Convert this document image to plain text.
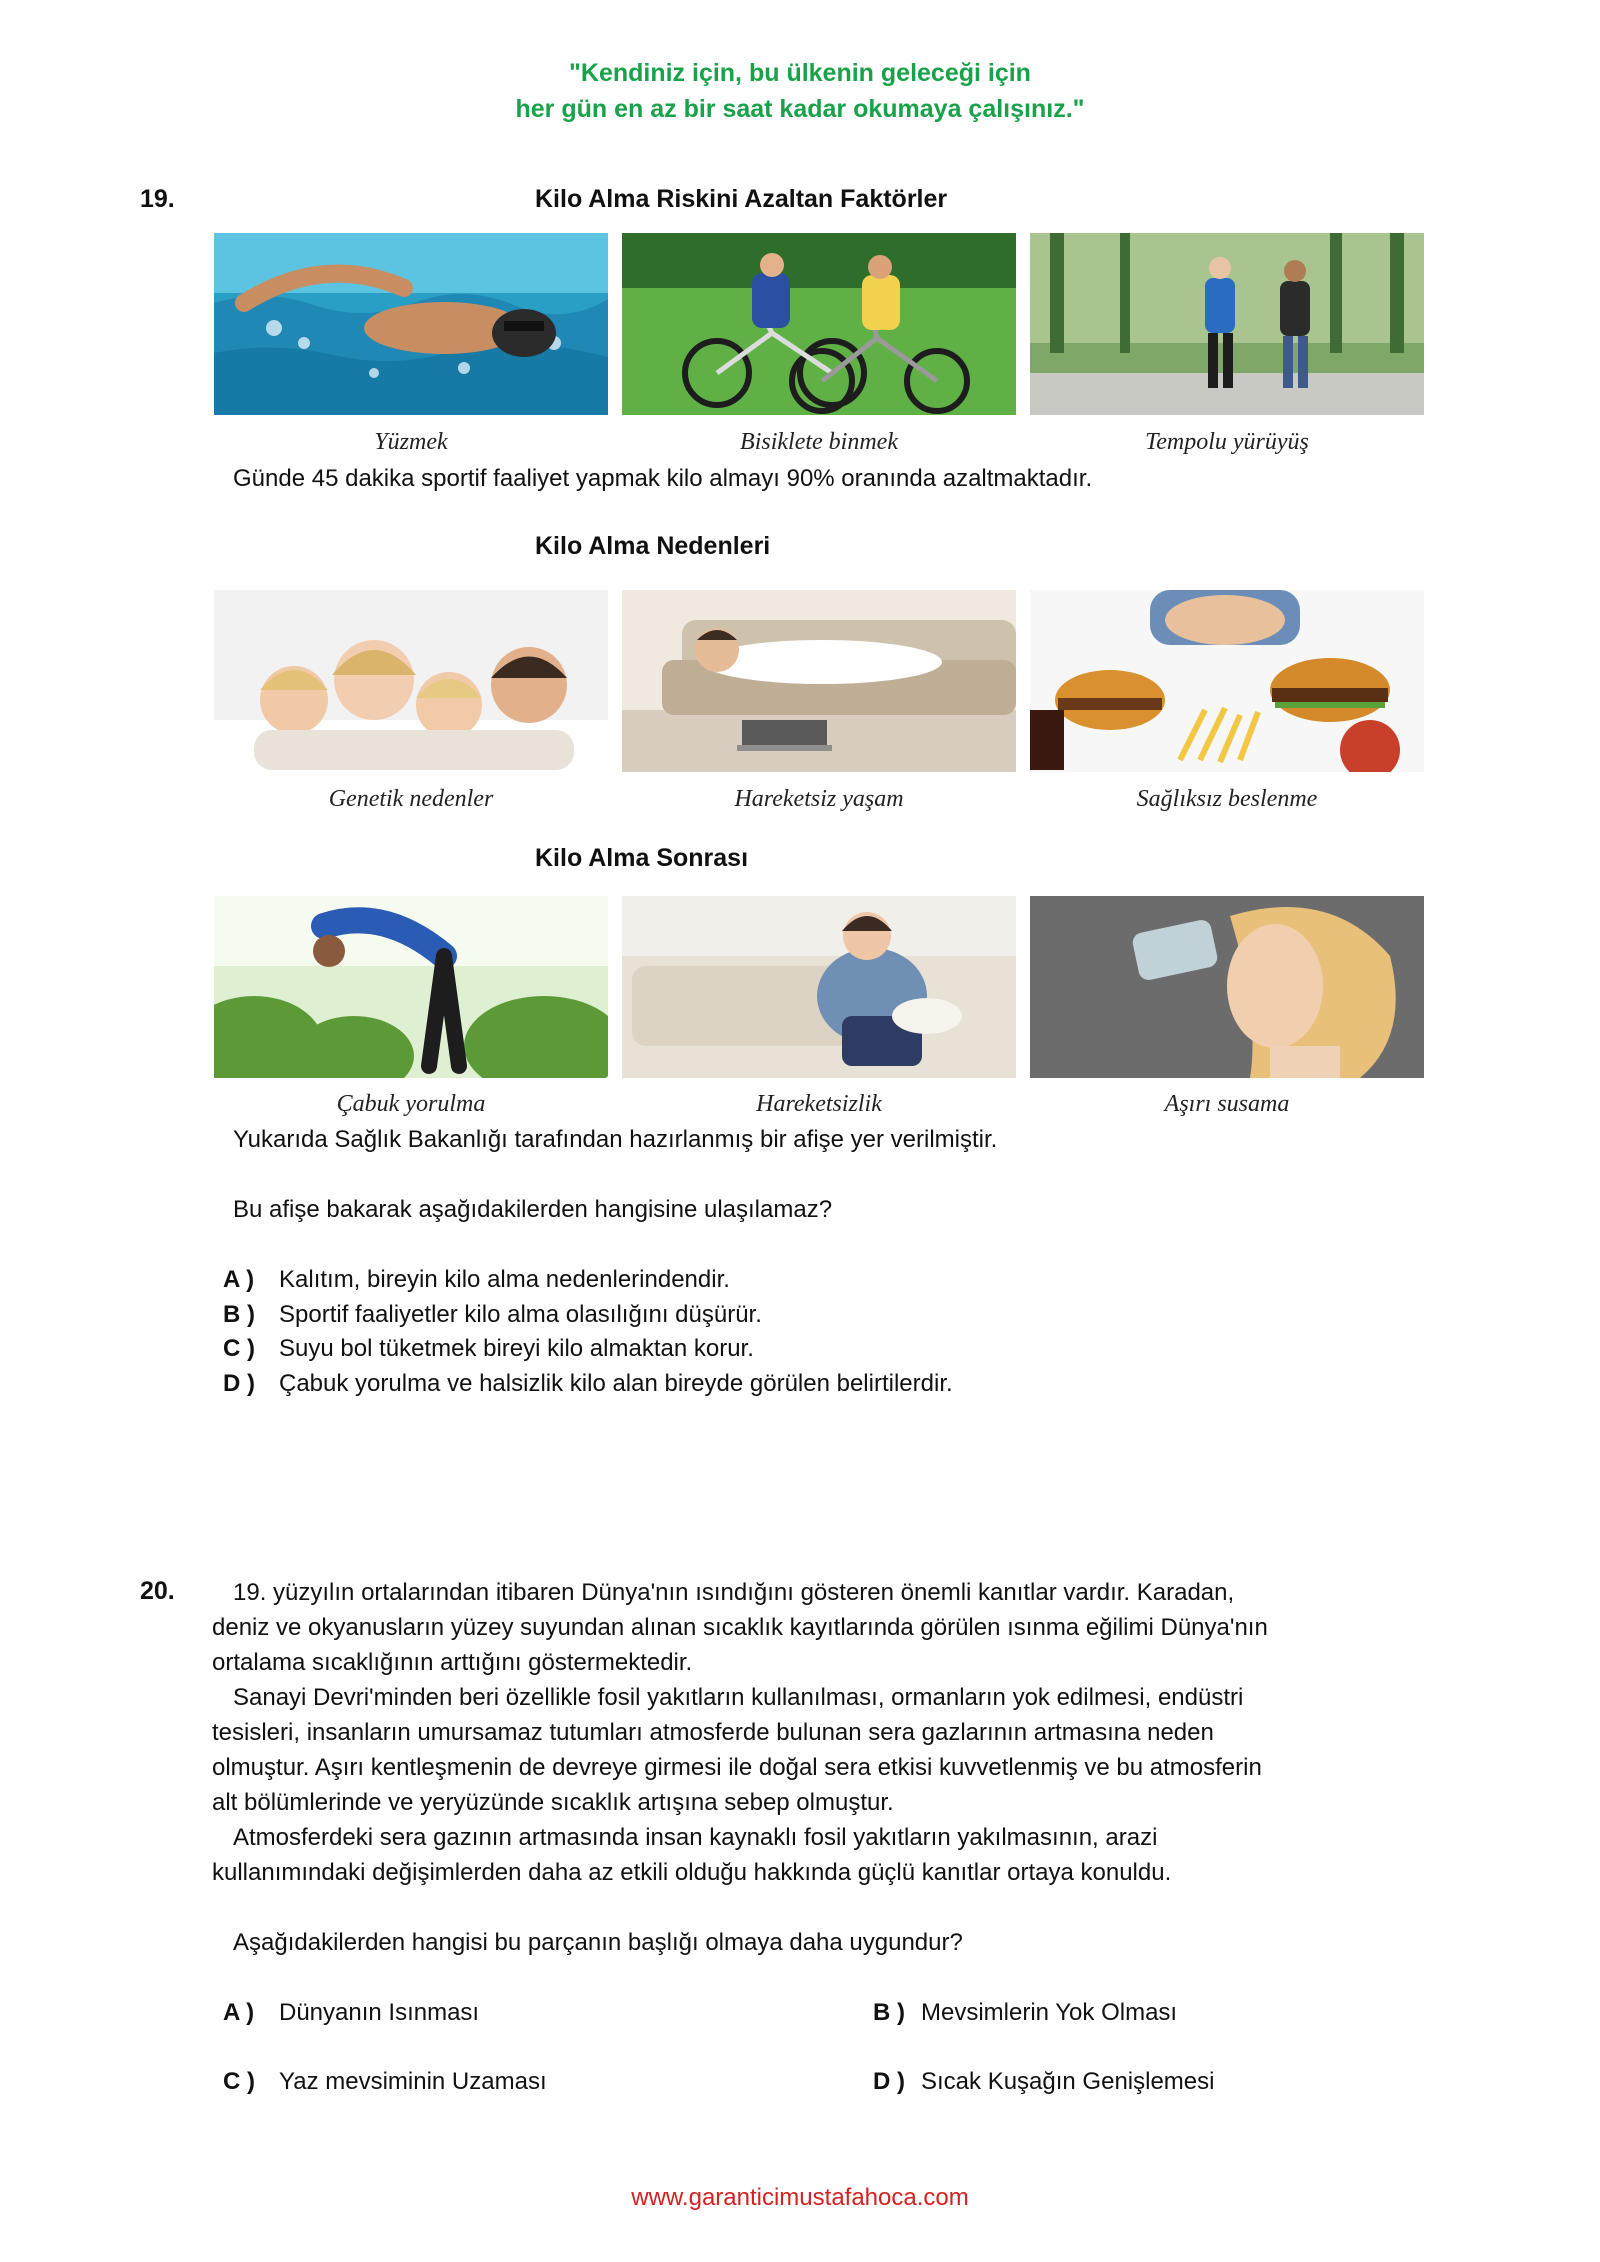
"Kendiniz için, bu ülkenin geleceği için
her gün en az bir saat kadar okumaya çalışınız."
19.	Kilo Alma Riskini Azaltan Faktörler
Yüzmek	Bisiklete binmek	Tempolu yürüyüş
Günde 45 dakika sportif faaliyet yapmak kilo almayı 90% oranında azaltmaktadır.
Kilo Alma Nedenleri
Genetik nedenler	Hareketsiz yaşam	Sağlıksız beslenme
Kilo Alma Sonrası
Çabuk yorulma	Hareketsizlik	Aşırı susama
Yukarıda Sağlık Bakanlığı tarafından hazırlanmış bir afişe yer verilmiştir.
Bu afişe bakarak aşağıdakilerden hangisine ulaşılamaz?
A ) Kalıtım, bireyin kilo alma nedenlerindendir.
B ) Sportif faaliyetler kilo alma olasılığını düşürür.
C ) Suyu bol tüketmek bireyi kilo almaktan korur.
D ) Çabuk yorulma ve halsizlik kilo alan bireyde görülen belirtilerdir.
20. 19. yüzyılın ortalarından itibaren Dünya'nın ısındığını gösteren önemli kanıtlar vardır. Karadan,
deniz ve okyanusların yüzey suyundan alınan sıcaklık kayıtlarında görülen ısınma eğilimi Dünya'nın
ortalama sıcaklığının arttığını göstermektedir.
Sanayi Devri'minden beri özellikle fosil yakıtların kullanılması, ormanların yok edilmesi, endüstri
tesisleri, insanların umursamaz tutumları atmosferde bulunan sera gazlarının artmasına neden
olmuştur. Aşırı kentleşmenin de devreye girmesi ile doğal sera etkisi kuvvetlenmiş ve bu atmosferin
alt bölümlerinde ve yeryüzünde sıcaklık artışına sebep olmuştur.
Atmosferdeki sera gazının artmasında insan kaynaklı fosil yakıtların yakılmasının, arazi
kullanımındaki değişimlerden daha az etkili olduğu hakkında güçlü kanıtlar ortaya konuldu.
Aşağıdakilerden hangisi bu parçanın başlığı olmaya daha uygundur?
A ) Dünyanın Isınması	B ) Mevsimlerin Yok Olması
C ) Yaz mevsiminin Uzaması	D ) Sıcak Kuşağın Genişlemesi
www.garanticimustafahoca.com
